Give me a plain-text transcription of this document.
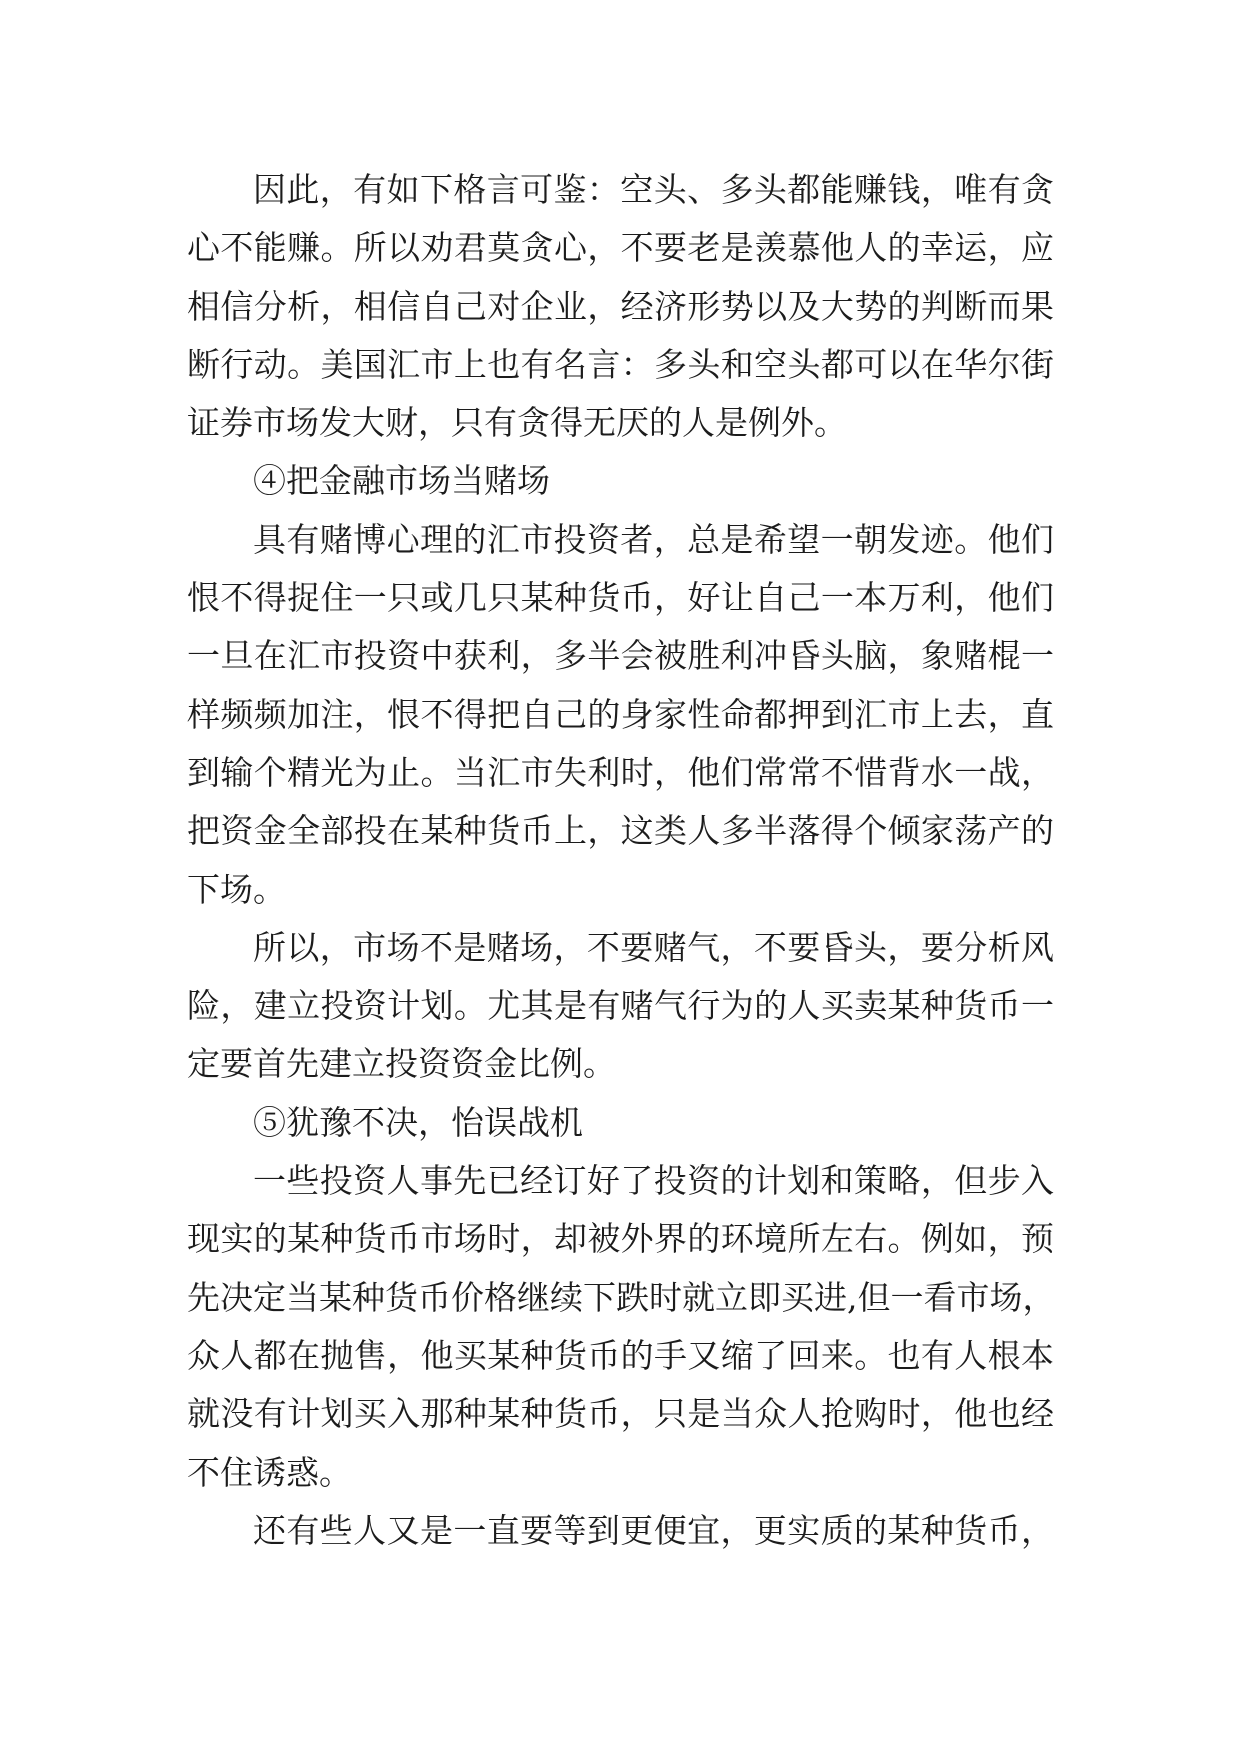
因此，有如下格言可鉴：空头、多头都能赚钱，唯有贪
心不能赚。所以劝君莫贪心，不要老是羡慕他人的幸运，应
相信分析，相信自己对企业，经济形势以及大势的判断而果
断行动。美国汇市上也有名言：多头和空头都可以在华尔街
证券市场发大财，只有贪得无厌的人是例外。
④把金融市场当赌场
具有赌博心理的汇市投资者，总是希望一朝发迹。他们
恨不得捉住一只或几只某种货币，好让自己一本万利，他们
一旦在汇市投资中获利，多半会被胜利冲昏头脑，象赌棍一
样频频加注，恨不得把自己的身家性命都押到汇市上去，直
到输个精光为止。当汇市失利时，他们常常不惜背水一战，
把资金全部投在某种货币上，这类人多半落得个倾家荡产的
下场。
所以，市场不是赌场，不要赌气，不要昏头，要分析风
险，建立投资计划。尤其是有赌气行为的人买卖某种货币一
定要首先建立投资资金比例。
⑤犹豫不决，怡误战机
一些投资人事先已经订好了投资的计划和策略，但步入
现实的某种货币市场时，却被外界的环境所左右。例如，预
先决定当某种货币价格继续下跌时就立即买进,但一看市场，
众人都在抛售，他买某种货币的手又缩了回来。也有人根本
就没有计划买入那种某种货币，只是当众人抢购时，他也经
不住诱惑。
还有些人又是一直要等到更便宜，更实质的某种货币，
